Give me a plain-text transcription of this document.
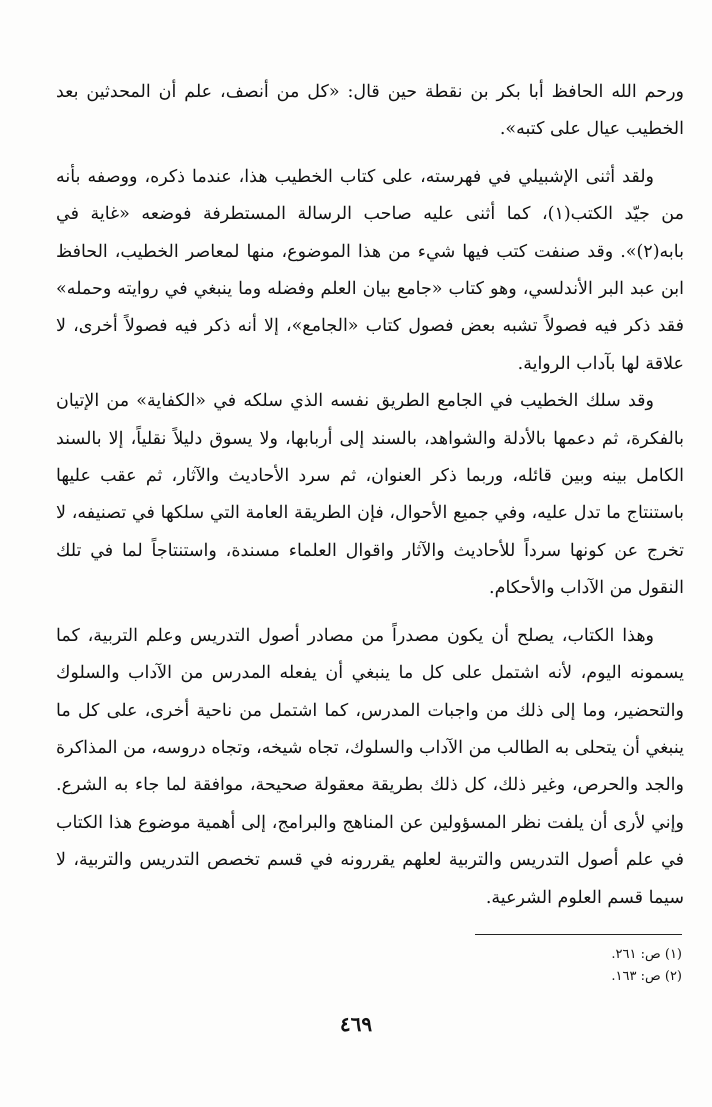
ورحم الله الحافظ أبا بكر بن نقطة حين قال: «كل من أنصف، علم أن المحدثين بعد الخطيب عيال على كتبه».

ولقد أثنى الإشبيلي في فهرسته، على كتاب الخطيب هذا، عندما ذكره، ووصفه بأنه من جيّد الكتب(١)، كما أثنى عليه صاحب الرسالة المستطرفة فوضعه «غاية في بابه(٢)». وقد صنفت كتب فيها شيء من هذا الموضوع، منها لمعاصر الخطيب، الحافظ ابن عبد البر الأندلسي، وهو كتاب «جامع بيان العلم وفضله وما ينبغي في روايته وحمله» فقد ذكر فيه فصولاً تشبه بعض فصول كتاب «الجامع»، إلا أنه ذكر فيه فصولاً أخرى، لا علاقة لها بآداب الرواية.

وقد سلك الخطيب في الجامع الطريق نفسه الذي سلكه في «الكفاية» من الإتيان بالفكرة، ثم دعمها بالأدلة والشواهد، بالسند إلى أربابها، ولا يسوق دليلاً نقلياً، إلا بالسند الكامل بينه وبين قائله، وربما ذكر العنوان، ثم سرد الأحاديث والآثار، ثم عقب عليها باستنتاج ما تدل عليه، وفي جميع الأحوال، فإن الطريقة العامة التي سلكها في تصنيفه، لا تخرج عن كونها سرداً للأحاديث والآثار واقوال العلماء مسندة، واستنتاجاً لما في تلك النقول من الآداب والأحكام.

وهذا الكتاب، يصلح أن يكون مصدراً من مصادر أصول التدريس وعلم التربية، كما يسمونه اليوم، لأنه اشتمل على كل ما ينبغي أن يفعله المدرس من الآداب والسلوك والتحضير، وما إلى ذلك من واجبات المدرس، كما اشتمل من ناحية أخرى، على كل ما ينبغي أن يتحلى به الطالب من الآداب والسلوك، تجاه شيخه، وتجاه دروسه، من المذاكرة والجد والحرص، وغير ذلك، كل ذلك بطريقة معقولة صحيحة، موافقة لما جاء به الشرع. وإني لأرى أن يلفت نظر المسؤولين عن المناهج والبرامج، إلى أهمية موضوع هذا الكتاب في علم أصول التدريس والتربية لعلهم يقررونه في قسم تخصص التدريس والتربية، لا سيما قسم العلوم الشرعية.

(١) ص: ٢٦١.
(٢) ص: ١٦٣.
٤٦٩
